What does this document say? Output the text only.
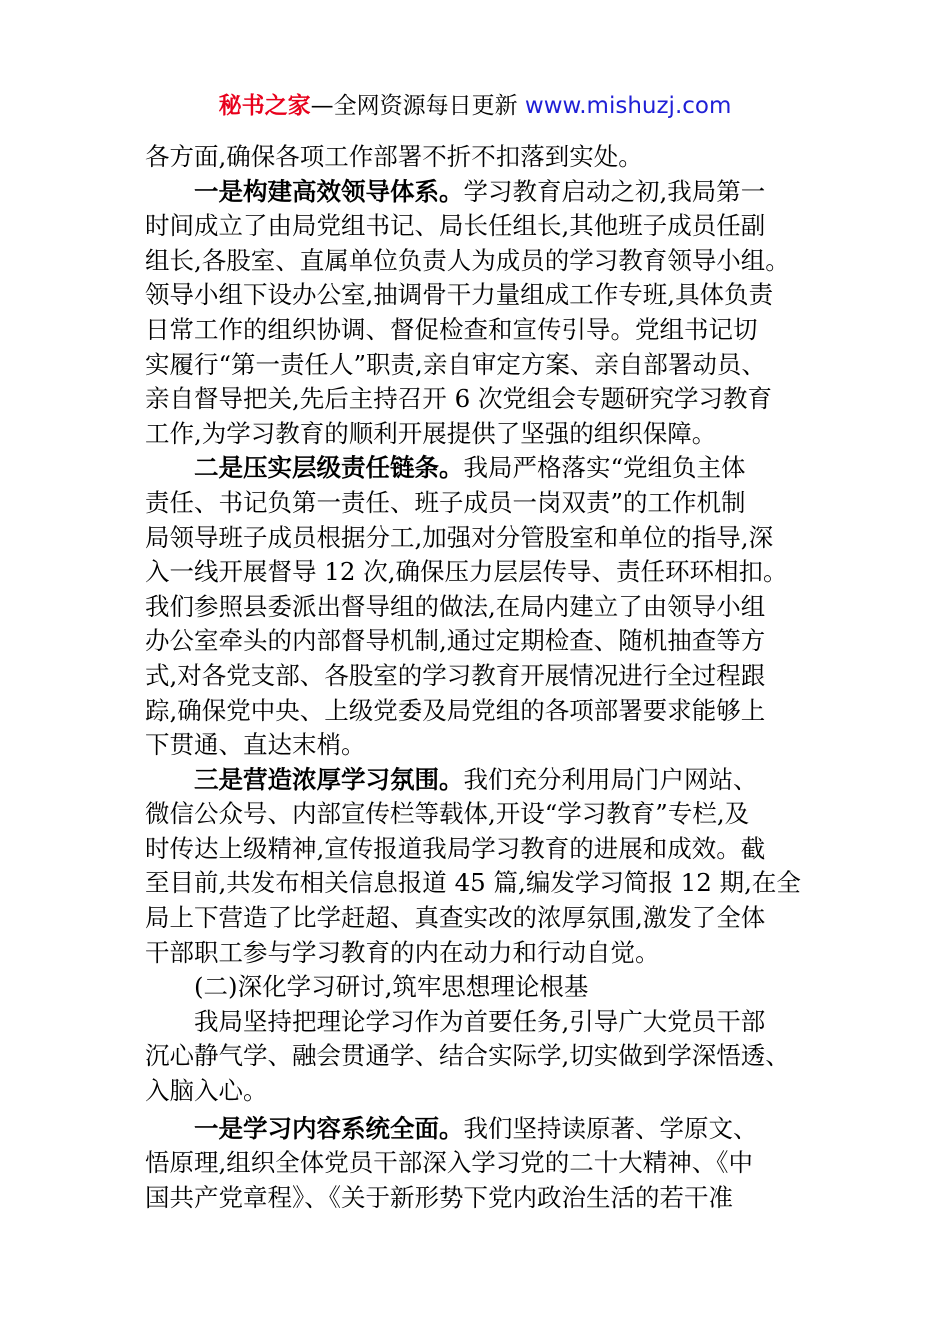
秘书之家—全网资源每日更新 www.mishuzj.com
各方面,确保各项工作部署不折不扣落到实处。
一是构建高效领导体系。学习教育启动之初,我局第一
时间成立了由局党组书记、局长任组长,其他班子成员任副
组长,各股室、直属单位负责人为成员的学习教育领导小组。
领导小组下设办公室,抽调骨干力量组成工作专班,具体负责
日常工作的组织协调、督促检查和宣传引导。党组书记切
实履行“第一责任人”职责,亲自审定方案、亲自部署动员、
亲自督导把关,先后主持召开 6 次党组会专题研究学习教育
工作,为学习教育的顺利开展提供了坚强的组织保障。
二是压实层级责任链条。我局严格落实“党组负主体
责任、书记负第一责任、班子成员一岗双责”的工作机制
局领导班子成员根据分工,加强对分管股室和单位的指导,深
入一线开展督导 12 次,确保压力层层传导、责任环环相扣。
我们参照县委派出督导组的做法,在局内建立了由领导小组
办公室牵头的内部督导机制,通过定期检查、随机抽查等方
式,对各党支部、各股室的学习教育开展情况进行全过程跟
踪,确保党中央、上级党委及局党组的各项部署要求能够上
下贯通、直达末梢。
三是营造浓厚学习氛围。我们充分利用局门户网站、
微信公众号、内部宣传栏等载体,开设“学习教育”专栏,及
时传达上级精神,宣传报道我局学习教育的进展和成效。截
至目前,共发布相关信息报道 45 篇,编发学习简报 12 期,在全
局上下营造了比学赶超、真查实改的浓厚氛围,激发了全体
干部职工参与学习教育的内在动力和行动自觉。
(二)深化学习研讨,筑牢思想理论根基
我局坚持把理论学习作为首要任务,引导广大党员干部
沉心静气学、融会贯通学、结合实际学,切实做到学深悟透、
入脑入心。
一是学习内容系统全面。我们坚持读原著、学原文、
悟原理,组织全体党员干部深入学习党的二十大精神、《中
国共产党章程》、《关于新形势下党内政治生活的若干准
